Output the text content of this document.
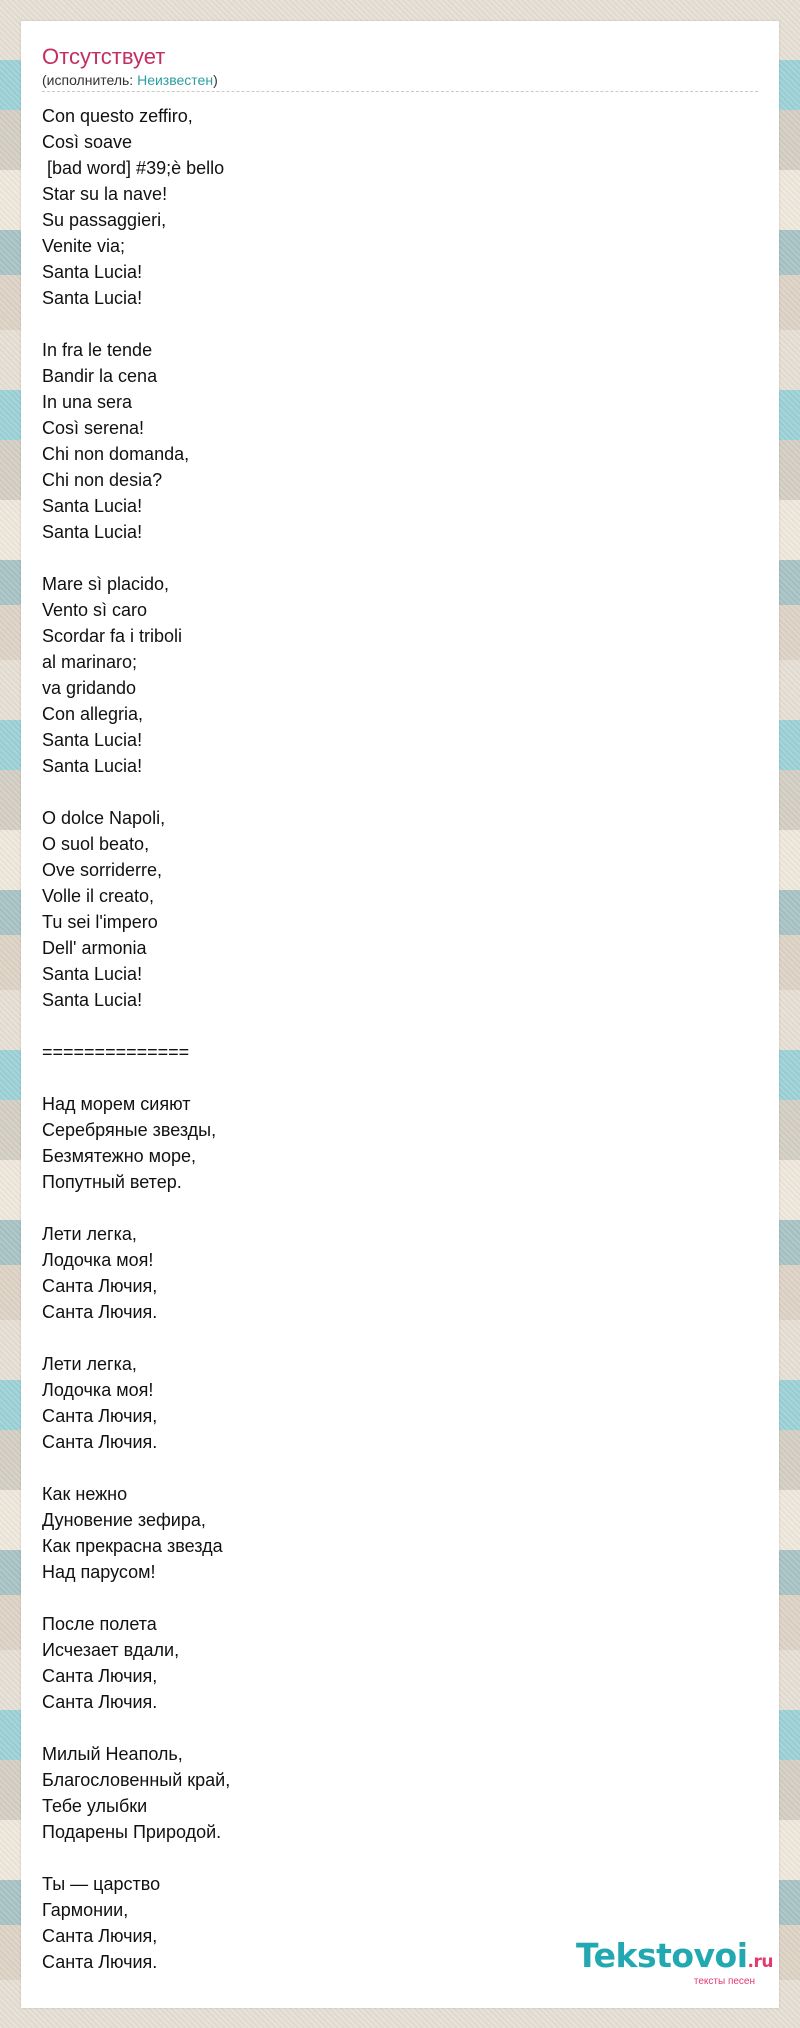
Отсутствует
(исполнитель: Неизвестен)
Con questo zeffiro,
Così soave
[bad word] #39;è bello
Star su la nave!
Su passaggieri,
Venite via;
Santa Lucia!
Santa Lucia!
In fra le tende
Bandir la cena
In una sera
Così serena!
Chi non domanda,
Chi non desia?
Santa Lucia!
Santa Lucia!
Mare sì placido,
Vento sì caro
Scordar fa i triboli
al marinaro;
va gridando
Con allegria,
Santa Lucia!
Santa Lucia!
O dolce Napoli,
O suol beato,
Ove sorriderre,
Volle il creato,
Tu sei l'impero
Dell' armonia
Santa Lucia!
Santa Lucia!
==============
Над морем сияют
Серебряные звезды,
Безмятежно море,
Попутный ветер.
Лети легка,
Лодочка моя!
Санта Лючия,
Санта Лючия.
Лети легка,
Лодочка моя!
Санта Лючия,
Санта Лючия.
Как нежно
Дуновение зефира,
Как прекрасна звезда
Над парусом!
После полета
Исчезает вдали,
Санта Лючия,
Санта Лючия.
Милый Неаполь,
Благословенный край,
Тебе улыбки
Подарены Природой.
Ты — царство
Гармонии,
Санта Лючия,
Санта Лючия.	Tekstovoi.ru
тексты песен
